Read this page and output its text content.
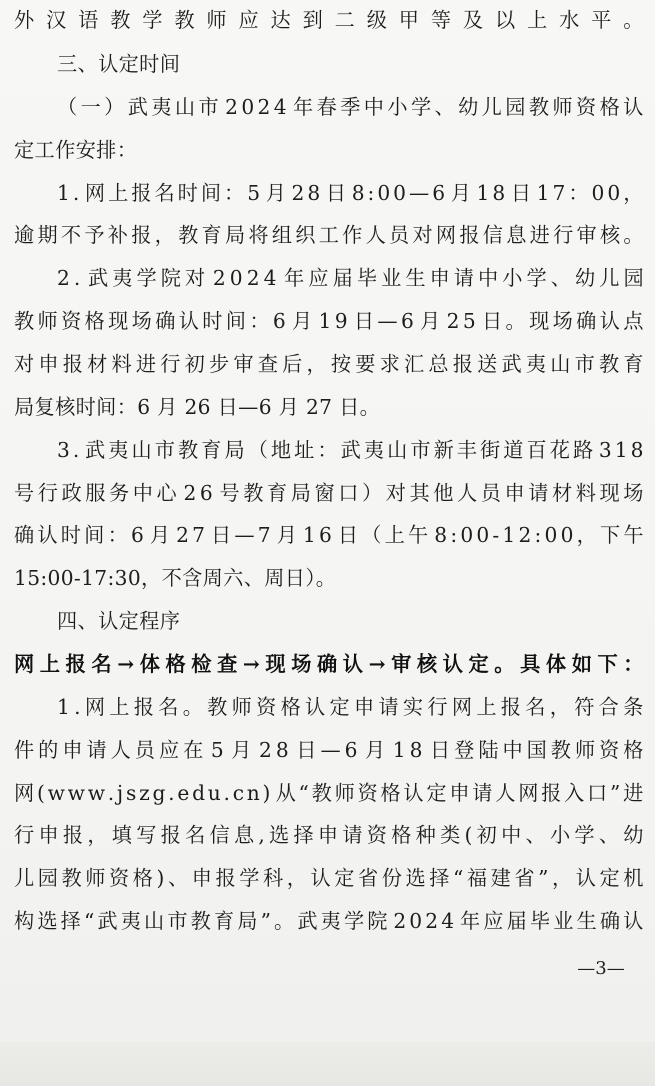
外 汉 语 教 学 教 师 应 达 到 二 级 甲 等 及 以 上 水 平 。
三、认定时间
（ 一 ） 武 夷 山 市 2 0 2 4 年 春 季 中 小 学 、 幼 儿 园 教 师 资 格 认
定工作安排：
1 . 网 上 报 名 时 间 ： 5 月 2 8 日 8 : 0 0 — 6 月 1 8 日 1 7 ： 0 0 ，
逾 期 不 予 补 报 ， 教 育 局 将 组 织 工 作 人 员 对 网 报 信 息 进 行 审 核 。
2 . 武 夷 学 院 对 2 0 2 4 年 应 届 毕 业 生 申 请 中 小 学 、 幼 儿 园
教 师 资 格 现 场 确 认 时 间 ： 6 月 1 9 日 — 6 月 2 5 日 。 现 场 确 认 点
对 申 报 材 料 进 行 初 步 审 查 后 ， 按 要 求 汇 总 报 送 武 夷 山 市 教 育
局复核时间：6 月 26 日—6 月 27 日。
3 . 武 夷 山 市 教 育 局 （ 地 址 ： 武 夷 山 市 新 丰 街 道 百 花 路 3 1 8
号 行 政 服 务 中 心 2 6 号 教 育 局 窗 口 ） 对 其 他 人 员 申 请 材 料 现 场
确 认 时 间 ： 6 月 2 7 日 — 7 月 1 6 日 （ 上 午 8 : 0 0 - 1 2 : 0 0 ， 下 午
15:00-17:30，不含周六、周日）。
四、认定程序
网 上 报 名 → 体 格 检 查 → 现 场 确 认 → 审 核 认 定 。 具 体 如 下 ：
1 . 网 上 报 名 。 教 师 资 格 认 定 申 请 实 行 网 上 报 名 ， 符 合 条
件 的 申 请 人 员 应 在 5 月 2 8 日 — 6 月 1 8 日 登 陆 中 国 教 师 资 格
网 ( w w w . j s z g . e d u . c n ) 从 “ 教 师 资 格 认 定 申 请 人 网 报 入 口 ” 进
行 申 报 ， 填 写 报 名 信 息 , 选 择 申 请 资 格 种 类 ( 初 中 、 小 学 、 幼
儿 园 教 师 资 格 ) 、 申 报 学 科 ， 认 定 省 份 选 择 “ 福 建 省 ” ， 认 定 机
构 选 择 “ 武 夷 山 市 教 育 局 ” 。 武 夷 学 院 2 0 2 4 年 应 届 毕 业 生 确 认
—3—
